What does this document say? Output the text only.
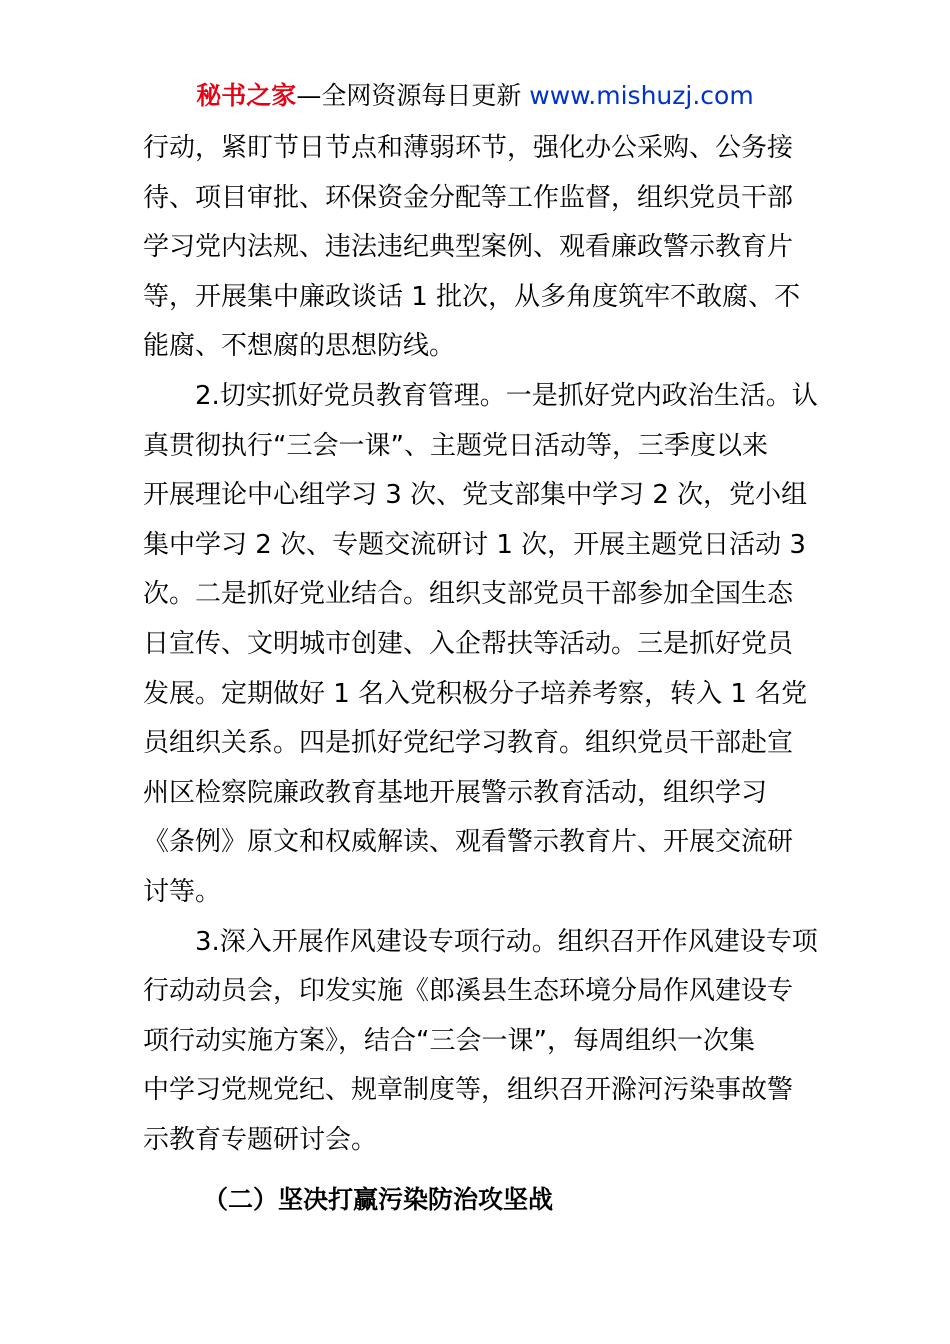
秘书之家—全网资源每日更新 www.mishuzj.com
行动，紧盯节日节点和薄弱环节，强化办公采购、公务接
待、项目审批、环保资金分配等工作监督，组织党员干部
学习党内法规、违法违纪典型案例、观看廉政警示教育片
等，开展集中廉政谈话 1 批次，从多角度筑牢不敢腐、不
能腐、不想腐的思想防线。
2.切实抓好党员教育管理。一是抓好党内政治生活。认
真贯彻执行“三会一课”、主题党日活动等，三季度以来
开展理论中心组学习 3 次、党支部集中学习 2 次，党小组
集中学习 2 次、专题交流研讨 1 次，开展主题党日活动 3
次。二是抓好党业结合。组织支部党员干部参加全国生态
日宣传、文明城市创建、入企帮扶等活动。三是抓好党员
发展。定期做好 1 名入党积极分子培养考察，转入 1 名党
员组织关系。四是抓好党纪学习教育。组织党员干部赴宣
州区检察院廉政教育基地开展警示教育活动，组织学习
《条例》原文和权威解读、观看警示教育片、开展交流研
讨等。
3.深入开展作风建设专项行动。组织召开作风建设专项
行动动员会，印发实施《郎溪县生态环境分局作风建设专
项行动实施方案》，结合“三会一课”，每周组织一次集
中学习党规党纪、规章制度等，组织召开滁河污染事故警
示教育专题研讨会。
（二）坚决打赢污染防治攻坚战
